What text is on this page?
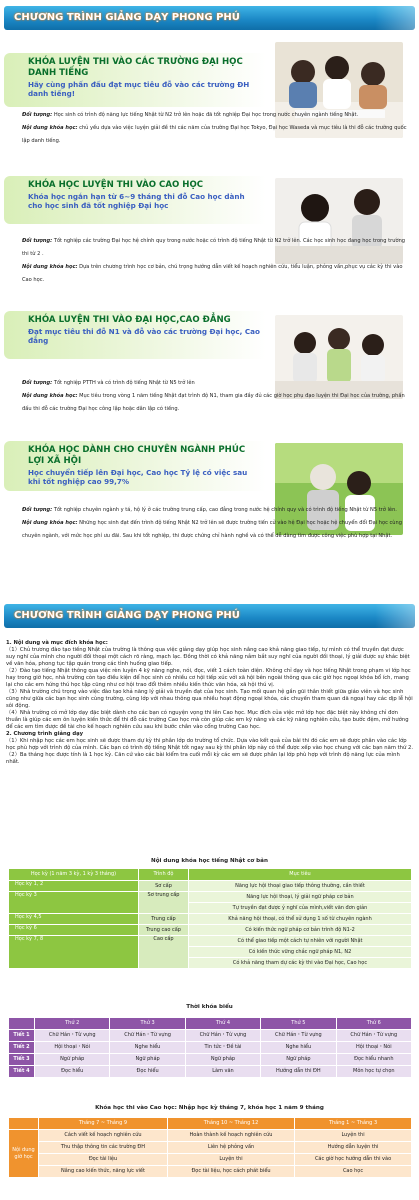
CHƯƠNG TRÌNH GIẢNG DẠY PHONG PHÚ
KHÓA LUYỆN THI VÀO CÁC TRƯỜNG ĐẠI HỌC DANH TIẾNG
Hãy cùng phấn đấu đạt mục tiêu đỗ vào các trường ĐH danh tiếng!
Đối tượng: Học sinh có trình độ năng lực tiếng Nhật từ N2 trở lên hoặc đã tốt nghiệp Đại học trong nước chuyên ngành tiếng Nhật.
Nội dung khóa học: chủ yếu dựa vào việc luyện giải đề thi các năm của trường Đại học Tokyo, Đại học Waseda và mục tiêu là thi đỗ các trường quốc lập danh tiếng.
KHÓA HỌC LUYỆN THI VÀO CAO HỌC
Khóa học ngắn hạn từ 6~9 tháng thi đỗ Cao học dành cho học sinh đã tốt nghiệp Đại học
Đối tượng: Tốt nghiệp các trường Đại học hệ chính quy trong nước hoặc có trình độ tiếng Nhật từ N2 trở lên. Các học sinh học đang học trong trường thi từ 2 .
Nội dung khóa học: Dựa trên chương trình học cơ bản, chú trọng hướng dẫn viết kế hoạch nghiên cứu, tiểu luận, phỏng vấn,phục vụ các kỳ thi vào Cao học.
KHÓA LUYỆN THI VÀO ĐẠI HỌC,CAO ĐẲNG
Đạt mục tiêu thi đỗ N1 và đỗ vào các trường Đại học, Cao đẳng
Đối tượng: Tốt nghiệp PTTH và có trình độ tiếng Nhật từ N5 trở lên
Nội dung khóa học: Mục tiêu trong vòng 1 năm tiếng Nhật đạt trình độ N1, tham gia đầy đủ các giờ học phụ đạo luyện thi Đại học của trường, phấn đấu thi đỗ các trường Đại học công lập hoặc dân lập có tiếng.
KHÓA HỌC DÀNH CHO CHUYÊN NGÀNH PHÚC LỢI XÃ HỘI
Học chuyển tiếp lên Đại học, Cao học Tỷ lệ có việc sau khi tốt nghiệp cao 99,7%
Đối tượng: Tốt nghiệp chuyên ngành y tá, hộ lý ở các trường trung cấp, cao đẳng trong nước hệ chính quy và có trình độ tiếng Nhật từ N5 trở lên.
Nội dung khóa học: Những học sinh đạt đến trình độ tiếng Nhật N2 trở lên sẽ được trường tiến cử vào hệ Đại học hoặc hệ chuyển đổi Đại học cùng chuyên ngành, với mức học phí ưu đãi. Sau khi tốt nghiệp, thi được chứng chỉ hành nghề và có thể dễ dàng tìm được công việc phù hợp tại Nhật.
CHƯƠNG TRÌNH GIẢNG DẠY PHONG PHÚ

1. Nội dung và mục đích khóa học:

（1）Chủ trương đào tạo tiếng Nhật của trường là thông qua việc giảng dạy giúp học sinh nâng cao khả năng giao tiếp, tự mình có thể truyền đạt được suy nghĩ của mình cho người đối thoại một cách rõ ràng, mạch lạc. Đồng thời có khả năng nắm bắt suy nghĩ của người đối thoại, lý giải được sự khác biệt về văn hóa, phong tục tập quán trong các tình huống giao tiếp.

（2）Đào tạo tiếng Nhật thông qua việc rèn luyện 4 kỹ năng nghe, nói, đọc, viết 1 cách toàn diện. Không chỉ dạy và học tiếng Nhật trong phạm vi lớp học hay trong giờ học, nhà trường còn tạo điều kiện để học sinh có nhiều cơ hội tiếp xúc với xã hội bên ngoài thông qua các giờ học ngoại khóa bổ ích, mang lại cho các em hứng thú học tập cũng như cơ hội trao đổi thêm nhiều kiến thức văn hóa, xã hội thú vị.

（3）Nhà trường chú trọng vào việc đào tạo khả năng lý giải và truyền đạt của học sinh. Tạo mối quan hệ gần gũi thân thiết giữa giáo viên và học sinh cũng như giữa các bạn học sinh cùng trường, cùng lớp với nhau thông qua nhiều hoạt động ngoại khóa, các chuyến tham quan dã ngoại hay các dịp lễ hội sôi động.

（4）Nhà trường có mở lớp dạy đặc biệt dành cho các bạn có nguyện vọng thi lên Cao học. Mục đích của việc mở lớp học đặc biệt này không chỉ đơn thuần là giúp các em ôn luyện kiến thức để thi đỗ các trường Cao học mà còn giúp các em kỹ năng và các kỹ năng nghiên cứu, tạo bước đệm, mở hướng để các em tìm được đề tài cho kế hoạch nghiên cứu sau khi bước chân vào cổng trường Cao học.

2. Chương trình giảng dạy

（1）Khi nhập học các em học sinh sẽ được tham dự kỳ thi phân lớp do trường tổ chức. Dựa vào kết quả của bài thi đó các em sẽ được phân vào các lớp học phù hợp với trình độ của mình. Các bạn có trình độ tiếng Nhật tốt ngay sau kỳ thi phân lớp này có thể được xếp vào học chung với các bạn năm thứ 2.

（2）Ba tháng học được tính là 1 học kỳ. Căn cứ vào các bài kiểm tra cuối mỗi kỳ các em sẽ được phân lại lớp phù hợp với trình độ năng lực của mình nhất.

Nội dung khóa học tiếng Nhật cơ bản
Học kỳ (1 năm 3 kỳ, 1 kỳ 3 tháng)	Trình độ	Mục tiêu
Học kỳ 1, 2	Sơ cấp	Năng lực hội thoại giao tiếp thông thường, cần thiết
Học kỳ 3	Sơ trung cấp	Năng lực hội thoại, lý giải ngữ pháp cơ bản
		Tự truyền đạt được ý nghĩ của mình,viết văn đơn giản
Học kỳ 4,5	Trung cấp	Khả năng hội thoại, có thể sử dụng 1 số từ chuyên ngành
Học kỳ 6	Trung cao cấp	Có kiến thức ngữ pháp cơ bản trình độ N1-2
Học kỳ 7, 8	Cao cấp	Có thể giao tiếp một cách tự nhiên với người Nhật
		Có kiến thức vững chắc ngữ pháp N1, N2
		Có khả năng tham dự các kỳ thi vào Đại học, Cao học
Thời khóa biểu
	Thứ 2	Thứ 3	Thứ 4	Thứ 5	Thứ 6
Tiết 1	Chữ Hán・Từ vựng	Chữ Hán・Từ vựng	Chữ Hán・Từ vựng	Chữ Hán・Từ vựng	Chữ Hán・Từ vựng
Tiết 2	Hội thoại・Nói	Nghe hiểu	Tin tức・Đề tài	Nghe hiểu	Hội thoại・Nói
Tiết 3	Ngữ pháp	Ngữ pháp	Ngữ pháp	Ngữ pháp	Đọc hiểu nhanh
Tiết 4	Đọc hiểu	Đọc hiểu	Làm văn	Hướng dẫn thi ĐH	Môn học tự chọn
Khóa học thi vào Cao học: Nhập học kỳ tháng 7, khóa học 1 năm 9 tháng
	Tháng 7 ~ Tháng 9	Tháng 10 ~ Tháng 12	Tháng 1 ~ Tháng 3
Nội dung giờ học	Cách viết kế hoạch nghiên cứu	Hoàn thành kế hoạch nghiên cứu	Luyện thi
	Thu thập thông tin các trường ĐH	Liên hệ phỏng vấn	Hướng dẫn luyện thi
	Đọc tài liệu	Luyện thi	Các giờ học hướng dẫn thi vào
	Nâng cao kiến thức, năng lực viết	Đọc tài liệu, học cách phát biểu	Cao học
